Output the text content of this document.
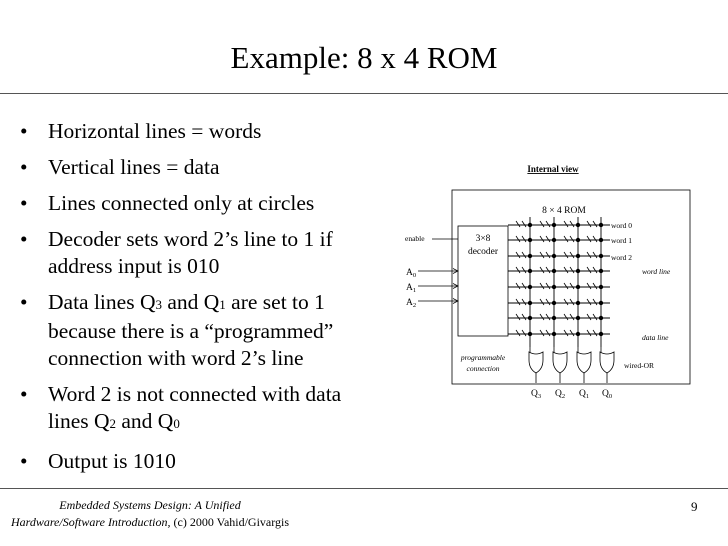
Example: 8 x 4 ROM
• Horizontal lines = words
• Vertical lines = data
• Lines connected only at circles
• Decoder sets word 2’s line to 1 if
address input is 010
• Data lines Q3 and Q1 are set to 1
because there is a “programmed”
connection with word 2’s line
• Word 2 is not connected with data
lines Q2 and Q0
• Output is 1010
Internal view
8 × 4 ROM
3×8
decoder
enable
$A_0$
$A_1$
$A_2$
word 0
word 1
word 2
word line
data line
programmable
connection	wired-OR
$Q_3$ $Q_2$ $Q_1$ $Q_0$
Embedded Systems Design: A Unified
Hardware/Software Introduction, (c) 2000 Vahid/Givargis
9
